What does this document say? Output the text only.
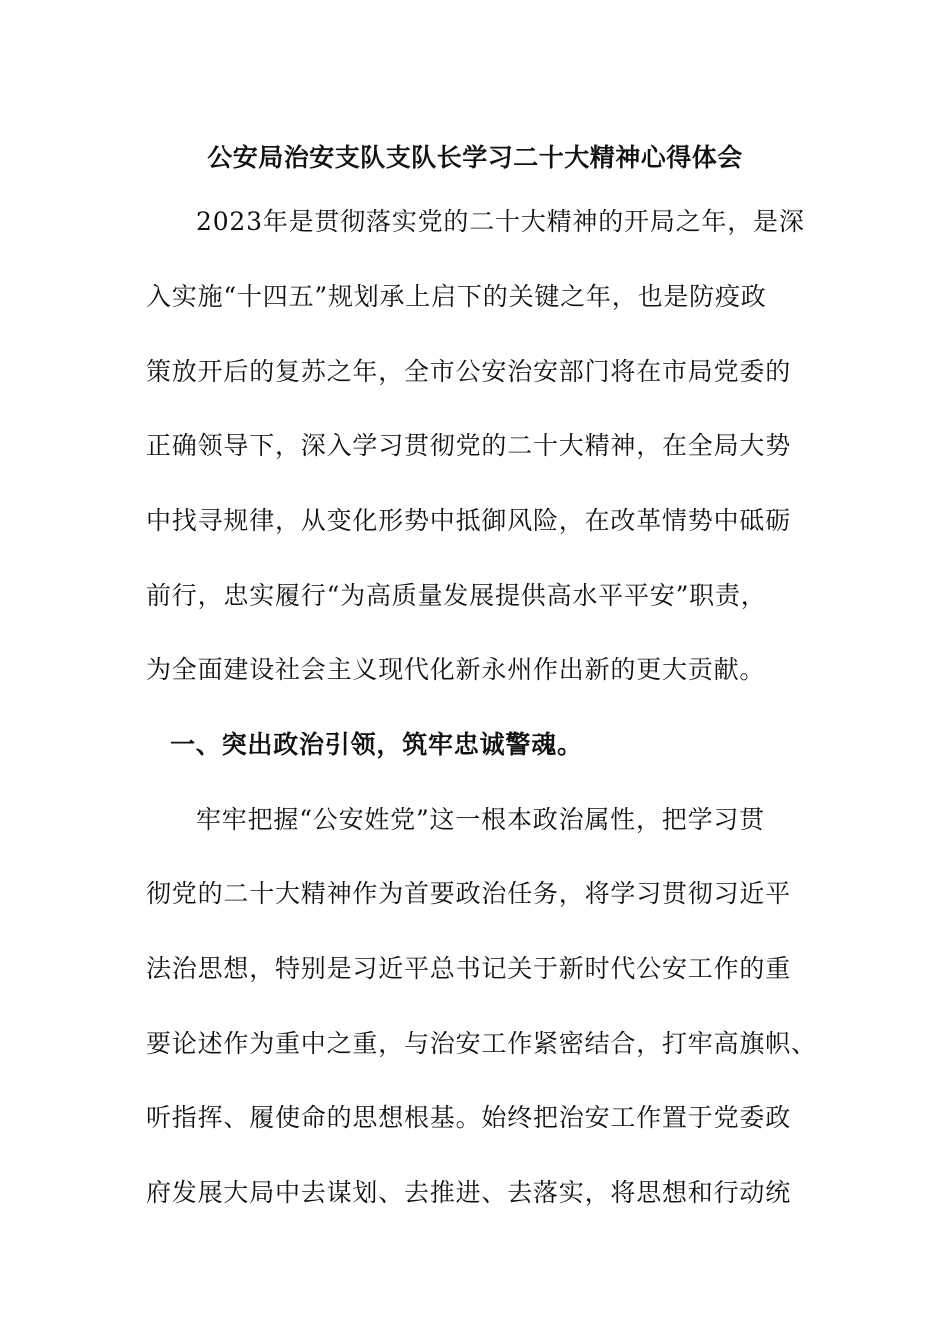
公安局治安支队支队长学习二十大精神心得体会
2023年是贯彻落实党的二十大精神的开局之年，是深
入实施“十四五”规划承上启下的关键之年，也是防疫政
策放开后的复苏之年，全市公安治安部门将在市局党委的
正确领导下，深入学习贯彻党的二十大精神，在全局大势
中找寻规律，从变化形势中抵御风险，在改革情势中砥砺
前行，忠实履行“为高质量发展提供高水平平安”职责，
为全面建设社会主义现代化新永州作出新的更大贡献。
一、突出政治引领，筑牢忠诚警魂。
牢牢把握“公安姓党”这一根本政治属性，把学习贯
彻党的二十大精神作为首要政治任务，将学习贯彻习近平
法治思想，特别是习近平总书记关于新时代公安工作的重
要论述作为重中之重，与治安工作紧密结合，打牢高旗帜、
听指挥、履使命的思想根基。始终把治安工作置于党委政
府发展大局中去谋划、去推进、去落实，将思想和行动统
